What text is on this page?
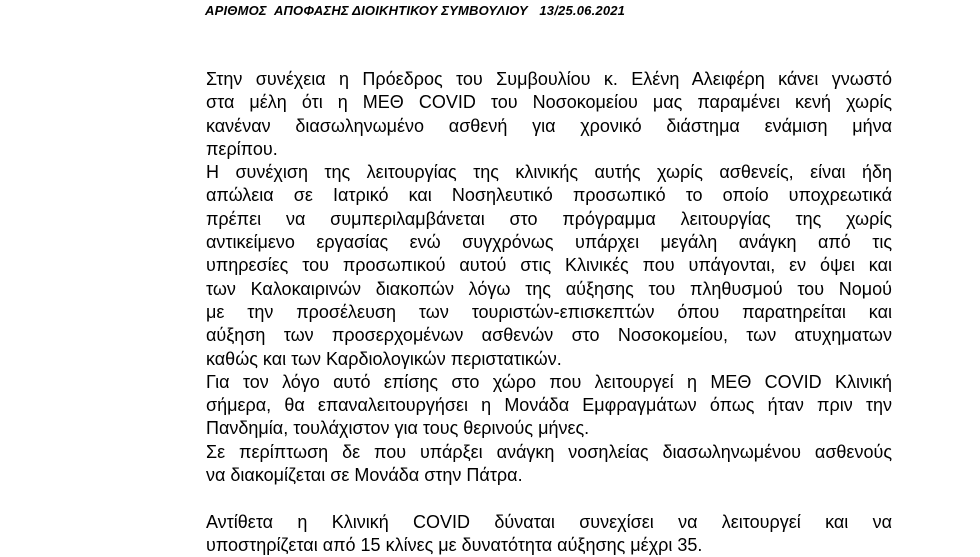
ΑΡΙΘΜΟΣ  ΑΠΟΦΑΣΗΣ ΔΙΟΙΚΗΤΙΚΟΥ ΣΥΜΒΟΥΛΙΟΥ 13/25.06.2021
Στην συνέχεια η Πρόεδρος του Συμβουλίου κ. Ελένη Αλειφέρη κάνει γνωστό
στα μέλη ότι η ΜΕΘ COVID του Νοσοκομείου μας παραμένει κενή χωρίς
κανέναν διασωληνωμένο ασθενή για χρονικό διάστημα ενάμιση μήνα
περίπου.
Η συνέχιση της λειτουργίας της κλινικής αυτής χωρίς ασθενείς, είναι ήδη
απώλεια σε Ιατρικό και Νοσηλευτικό προσωπικό το οποίο υποχρεωτικά
πρέπει να συμπεριλαμβάνεται στο πρόγραμμα λειτουργίας της χωρίς
αντικείμενο εργασίας ενώ συγχρόνως υπάρχει μεγάλη ανάγκη από τις
υπηρεσίες του προσωπικού αυτού στις Κλινικές που υπάγονται, εν όψει και
των Καλοκαιρινών διακοπών λόγω της αύξησης του πληθυσμού του Νομού
με την προσέλευση των τουριστών-επισκεπτών όπου παρατηρείται και
αύξηση των προσερχομένων ασθενών στο Νοσοκομείου, των ατυχηματων
καθώς και των Καρδιολογικών περιστατικών.
Για τον λόγο αυτό επίσης στο χώρο που λειτουργεί η ΜΕΘ COVID Κλινική
σήμερα, θα επαναλειτουργήσει η Μονάδα Εμφραγμάτων όπως ήταν πριν την
Πανδημία, τουλάχιστον για τους θερινούς μήνες.
Σε περίπτωση δε που υπάρξει ανάγκη νοσηλείας διασωληνωμένου ασθενούς
να διακομίζεται σε Μονάδα στην Πάτρα.
Αντίθετα η Κλινική COVID δύναται συνεχίσει να λειτουργεί και να
υποστηρίζεται από 15 κλίνες με δυνατότητα αύξησης μέχρι 35.
